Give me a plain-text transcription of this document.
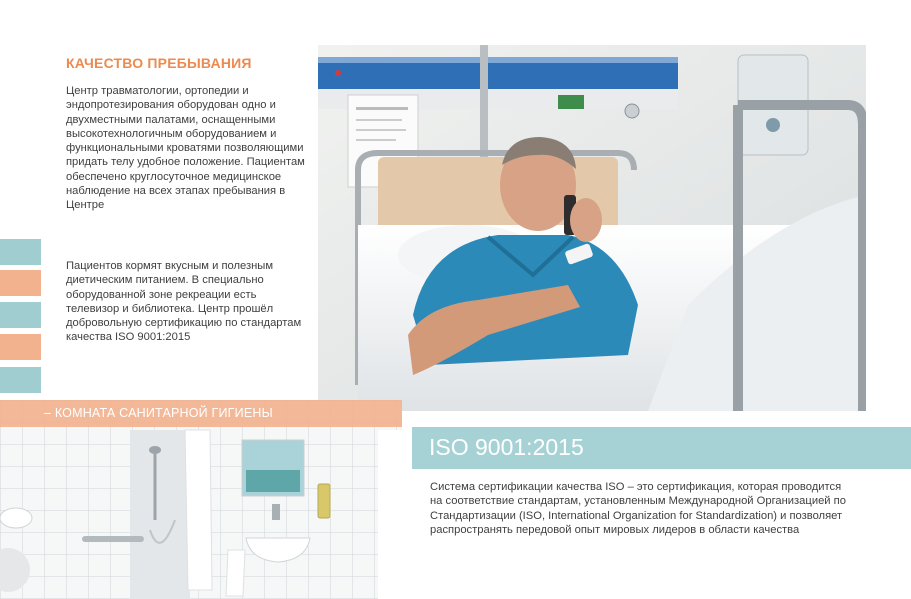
КАЧЕСТВО ПРЕБЫВАНИЯ

Центр травматологии, ортопедии и эндопротезирования оборудован одно и двухместными палатами, оснащенными высокотехнологичным оборудованием и функциональными кроватями позволяющими придать телу удобное положение. Пациентам обеспечено круглосуточное медицинское наблюдение на всех этапах пребывания в Центре

Пациентов кормят вкусным и полезным диетическим питанием. В специально оборудованной зоне рекреации есть телевизор и библиотека. Центр прошёл добровольную сертификацию по стандартам качества ISO 9001:2015

– КОМНАТА САНИТАРНОЙ ГИГИЕНЫ
ISO 9001:2015

Система сертификации качества ISO – это сертификация, которая проводится на соответствие стандартам, установленным Международной Организацией по Стандартизации (ISO, International Organization for Standardization) и позволяет распространять передовой опыт мировых лидеров в области качества
